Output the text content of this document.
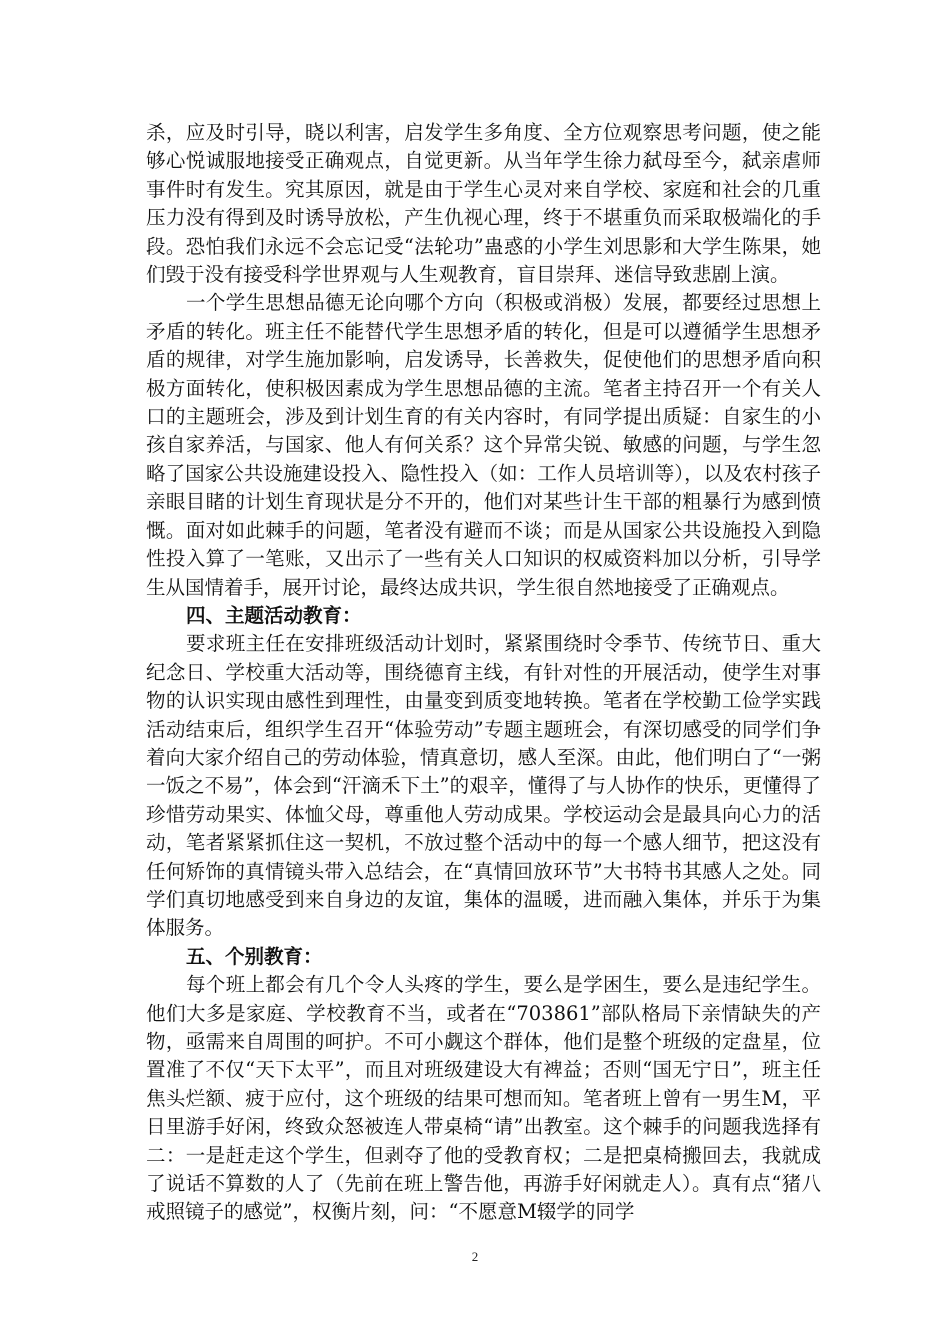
杀，应及时引导，晓以利害，启发学生多角度、全方位观察思考问题，使之能够心悦诚服地接受正确观点，自觉更新。从当年学生徐力弑母至今，弑亲虐师事件时有发生。究其原因，就是由于学生心灵对来自学校、家庭和社会的几重压力没有得到及时诱导放松，产生仇视心理，终于不堪重负而采取极端化的手段。恐怕我们永远不会忘记受“法轮功”蛊惑的小学生刘思影和大学生陈果，她们毁于没有接受科学世界观与人生观教育，盲目崇拜、迷信导致悲剧上演。

一个学生思想品德无论向哪个方向（积极或消极）发展，都要经过思想上矛盾的转化。班主任不能替代学生思想矛盾的转化，但是可以遵循学生思想矛盾的规律，对学生施加影响，启发诱导，长善救失，促使他们的思想矛盾向积极方面转化，使积极因素成为学生思想品德的主流。笔者主持召开一个有关人口的主题班会，涉及到计划生育的有关内容时，有同学提出质疑：自家生的小孩自家养活，与国家、他人有何关系？这个异常尖锐、敏感的问题，与学生忽略了国家公共设施建设投入、隐性投入（如：工作人员培训等），以及农村孩子亲眼目睹的计划生育现状是分不开的，他们对某些计生干部的粗暴行为感到愤慨。面对如此棘手的问题，笔者没有避而不谈；而是从国家公共设施投入到隐性投入算了一笔账，又出示了一些有关人口知识的权威资料加以分析，引导学生从国情着手，展开讨论，最终达成共识，学生很自然地接受了正确观点。

四、主题活动教育：

要求班主任在安排班级活动计划时，紧紧围绕时令季节、传统节日、重大纪念日、学校重大活动等，围绕德育主线，有针对性的开展活动，使学生对事物的认识实现由感性到理性，由量变到质变地转换。笔者在学校勤工俭学实践活动结束后，组织学生召开“体验劳动”专题主题班会，有深切感受的同学们争着向大家介绍自己的劳动体验，情真意切，感人至深。由此，他们明白了“一粥一饭之不易”，体会到“汗滴禾下土”的艰辛，懂得了与人协作的快乐，更懂得了珍惜劳动果实、体恤父母，尊重他人劳动成果。学校运动会是最具向心力的活动，笔者紧紧抓住这一契机，不放过整个活动中的每一个感人细节，把这没有任何矫饰的真情镜头带入总结会，在“真情回放环节”大书特书其感人之处。同学们真切地感受到来自身边的友谊，集体的温暖，进而融入集体，并乐于为集体服务。

五、个别教育：

每个班上都会有几个令人头疼的学生，要么是学困生，要么是违纪学生。他们大多是家庭、学校教育不当，或者在“703861”部队格局下亲情缺失的产物，亟需来自周围的呵护。不可小觑这个群体，他们是整个班级的定盘星，位置准了不仅“天下太平”，而且对班级建设大有裨益；否则“国无宁日”，班主任焦头烂额、疲于应付，这个班级的结果可想而知。笔者班上曾有一男生M，平日里游手好闲，终致众怒被连人带桌椅“请”出教室。这个棘手的问题我选择有二：一是赶走这个学生，但剥夺了他的受教育权；二是把桌椅搬回去，我就成了说话不算数的人了（先前在班上警告他，再游手好闲就走人）。真有点“猪八戒照镜子的感觉”，权衡片刻，问：“不愿意M辍学的同学

2
